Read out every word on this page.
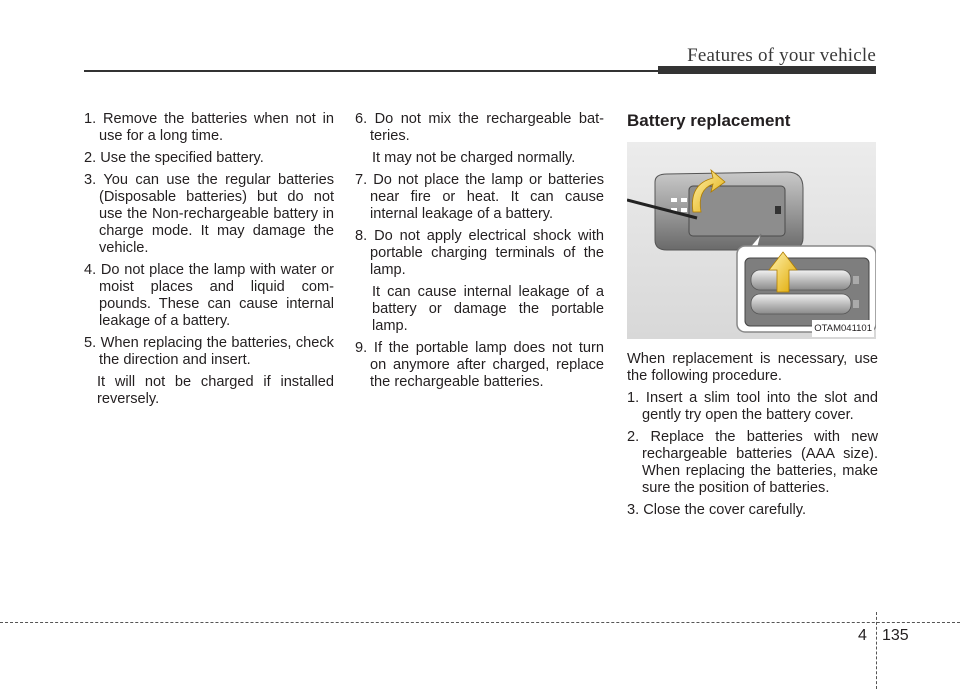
Features of your vehicle
1. Remove the batteries when not in use for a long time.
2. Use the specified battery.
3. You can use the regular batteries (Disposable batteries) but do not use the Non-rechargeable battery in charge mode. It may damage the vehicle.
4. Do not place the lamp with water or moist places and liquid com-pounds. These can cause internal leakage of a battery.
5. When replacing the batteries, check the direction and insert.
It will not be charged if installed reversely.
6. Do not mix the rechargeable bat-teries.
It may not be charged normally.
7. Do not place the lamp or batteries near fire or heat. It can cause internal leakage of a battery.
8. Do not apply electrical shock with portable charging terminals of the lamp.
It can cause internal leakage of a battery or damage the portable lamp.
9. If the portable lamp does not turn on anymore after charged, replace the rechargeable batteries.
Battery replacement
OTAM041101
When replacement is necessary, use the following procedure.
1. Insert a slim tool into the slot and gently try open the battery cover.
2. Replace the batteries with new rechargeable batteries (AAA size). When replacing the batteries, make sure the position of batteries.
3. Close the cover carefully.
4 135
